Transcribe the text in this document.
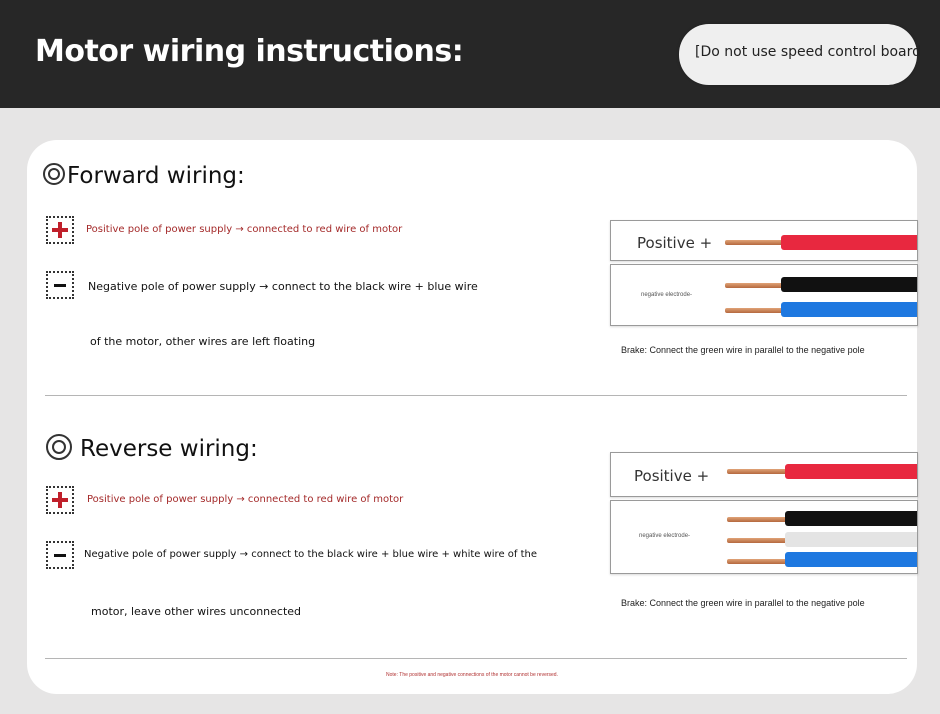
Motor wiring instructions:	[Do not use speed control board
Forward wiring:
Positive pole of power supply → connected to red wire of motor
Negative pole of power supply → connect to the black wire + blue wire
of the motor, other wires are left floating
Positive +
negative electrode-
Brake: Connect the green wire in parallel to the negative pole
Reverse wiring:
Positive pole of power supply → connected to red wire of motor
Negative pole of power supply → connect to the black wire + blue wire + white wire of the
motor, leave other wires unconnected
Positive +
negative electrode-
Brake: Connect the green wire in parallel to the negative pole
Note: The positive and negative connections of the motor cannot be reversed.
